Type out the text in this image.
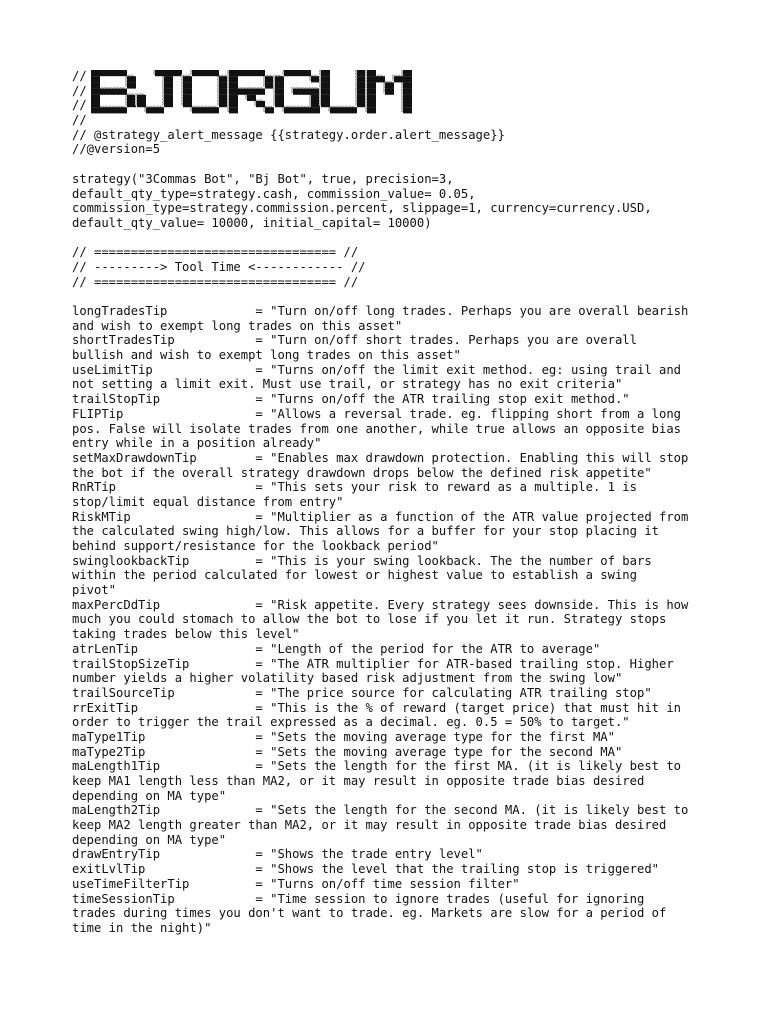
//
//
//
//
// @strategy_alert_message {{strategy.order.alert_message}}
//@version=5
strategy("3Commas Bot", "Bj Bot", true, precision=3,
default_qty_type=strategy.cash, commission_value= 0.05,
commission_type=strategy.commission.percent, slippage=1, currency=currency.USD,
default_qty_value= 10000, initial_capital= 10000)
// ================================= //
// ---------> Tool Time <------------ //
// ================================= //
longTradesTip            = "Turn on/off long trades. Perhaps you are overall bearish
and wish to exempt long trades on this asset"
shortTradesTip           = "Turn on/off short trades. Perhaps you are overall
bullish and wish to exempt long trades on this asset"
useLimitTip              = "Turns on/off the limit exit method. eg: using trail and
not setting a limit exit. Must use trail, or strategy has no exit criteria"
trailStopTip             = "Turns on/off the ATR trailing stop exit method."
FLIPTip                  = "Allows a reversal trade. eg. flipping short from a long
pos. False will isolate trades from one another, while true allows an opposite bias
entry while in a position already"
setMaxDrawdownTip        = "Enables max drawdown protection. Enabling this will stop
the bot if the overall strategy drawdown drops below the defined risk appetite"
RnRTip                   = "This sets your risk to reward as a multiple. 1 is
stop/limit equal distance from entry"
RiskMTip                 = "Multiplier as a function of the ATR value projected from
the calculated swing high/low. This allows for a buffer for your stop placing it
behind support/resistance for the lookback period"
swinglookbackTip         = "This is your swing lookback. The the number of bars
within the period calculated for lowest or highest value to establish a swing
pivot"
maxPercDdTip             = "Risk appetite. Every strategy sees downside. This is how
much you could stomach to allow the bot to lose if you let it run. Strategy stops
taking trades below this level"
atrLenTip                = "Length of the period for the ATR to average"
trailStopSizeTip         = "The ATR multiplier for ATR-based trailing stop. Higher
number yields a higher volatility based risk adjustment from the swing low"
trailSourceTip           = "The price source for calculating ATR trailing stop"
rrExitTip                = "This is the % of reward (target price) that must hit in
order to trigger the trail expressed as a decimal. eg. 0.5 = 50% to target."
maType1Tip               = "Sets the moving average type for the first MA"
maType2Tip               = "Sets the moving average type for the second MA"
maLength1Tip             = "Sets the length for the first MA. (it is likely best to
keep MA1 length less than MA2, or it may result in opposite trade bias desired
depending on MA type"
maLength2Tip             = "Sets the length for the second MA. (it is likely best to
keep MA2 length greater than MA2, or it may result in opposite trade bias desired
depending on MA type"
drawEntryTip             = "Shows the trade entry level"
exitLvlTip               = "Shows the level that the trailing stop is triggered"
useTimeFilterTip         = "Turns on/off time session filter"
timeSessionTip           = "Time session to ignore trades (useful for ignoring
trades during times you don't want to trade. eg. Markets are slow for a period of
time in the night)"
